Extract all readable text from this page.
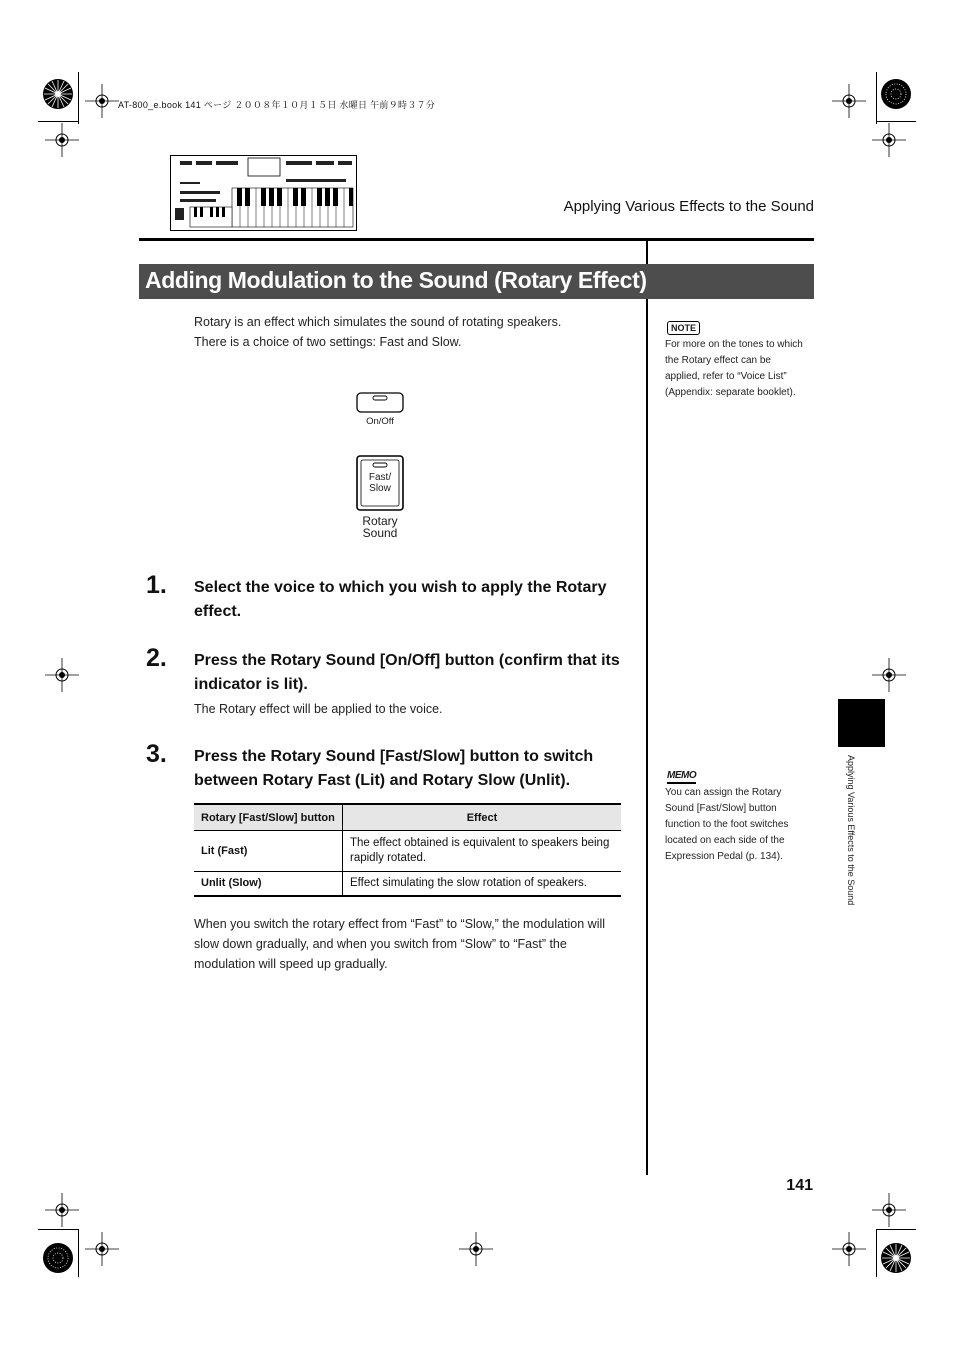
AT-800_e.book 141 ページ ２００８年１０月１５日 水曜日 午前９時３７分
Applying Various Effects to the Sound
Adding Modulation to the Sound (Rotary Effect)
Rotary is an effect which simulates the sound of rotating speakers.
There is a choice of two settings: Fast and Slow.
On/Off
Fast/
Slow
Rotary
Sound
1. Select the voice to which you wish to apply the Rotary
effect.
2. Press the Rotary Sound [On/Off] button (confirm that its
indicator is lit).
The Rotary effect will be applied to the voice.
3. Press the Rotary Sound [Fast/Slow] button to switch
between Rotary Fast (Lit) and Rotary Slow (Unlit).
Rotary [Fast/Slow] button	Effect
Lit (Fast)	The effect obtained is equivalent to speakers being
rapidly rotated.

Unlit (Slow)	Effect simulating the slow rotation of speakers.
When you switch the rotary effect from “Fast” to “Slow,” the modulation will
slow down gradually, and when you switch from “Slow” to “Fast” the
modulation will speed up gradually.
NOTE
For more on the tones to which
the Rotary effect can be
applied, refer to “Voice List”
(Appendix: separate booklet).
MEMO
You can assign the Rotary
Sound [Fast/Slow] button
function to the foot switches
located on each side of the
Expression Pedal (p. 134).	Applying Various Effects to the Sound
141
